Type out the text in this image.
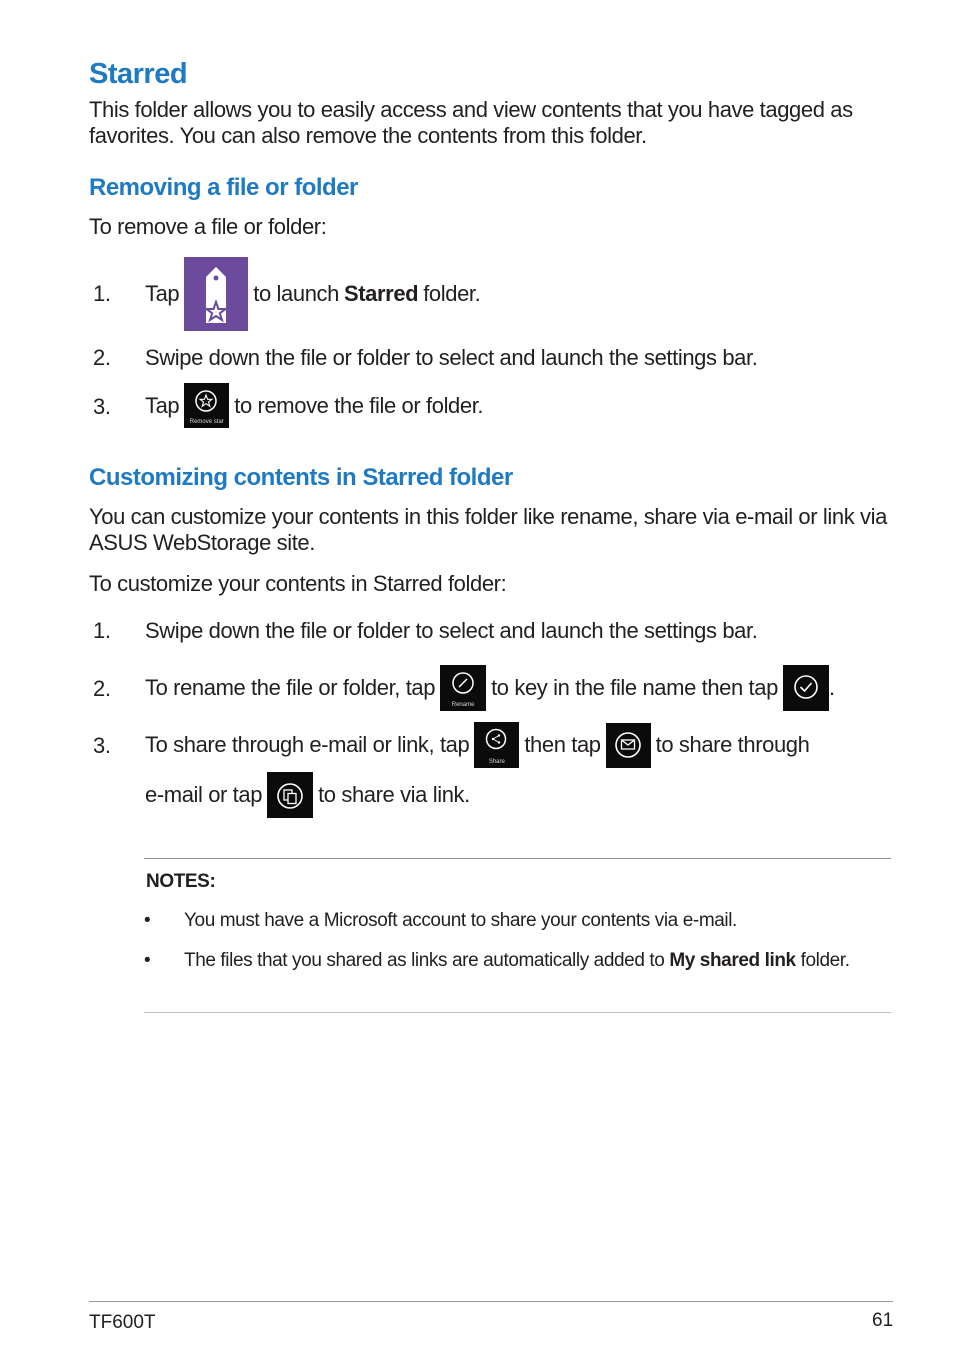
Starred
This folder allows you to easily access and view contents that you have tagged as favorites. You can also remove the contents from this folder.
Removing a file or folder
To remove a file or folder:
1. Tap	to launch Starred folder.
2. Swipe down the file or folder to select and launch the settings bar.
3. Tap
Remove star
to remove the file or folder.
Customizing contents in Starred folder
You can customize your contents in this folder like rename, share via e-mail or link via ASUS WebStorage site.
To customize your contents in Starred folder:
1. Swipe down the file or folder to select and launch the settings bar.
2. To rename the file or folder, tap
Rename
to key in the file name then tap .
3. To share through e-mail or link, tap
Share
then tap	to share through
e-mail or tap	to share via link.
NOTES:
• You must have a Microsoft account to share your contents via e-mail.
• The files that you shared as links are automatically added to My shared link folder.
TF600T	61
